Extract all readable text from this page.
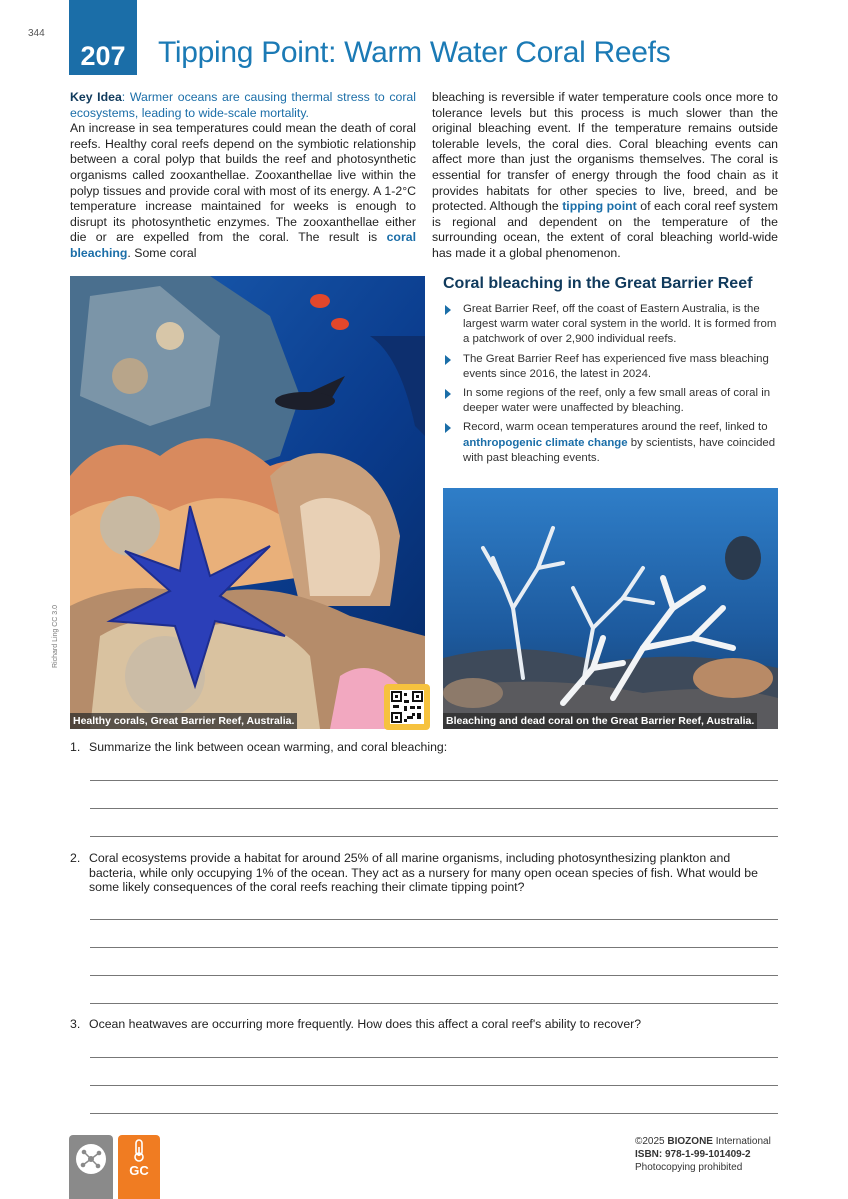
344
207 Tipping Point: Warm Water Coral Reefs

Key Idea: Warmer oceans are causing thermal stress to coral ecosystems, leading to wide-scale mortality.

An increase in sea temperatures could mean the death of coral reefs. Healthy coral reefs depend on the symbiotic relationship between a coral polyp that builds the reef and photosynthetic organisms called zooxanthellae. Zooxanthellae live within the polyp tissues and provide coral with most of its energy. A 1-2°C temperature increase maintained for weeks is enough to disrupt its photosynthetic enzymes. The zooxanthellae either die or are expelled from the coral. The result is coral bleaching. Some coral

bleaching is reversible if water temperature cools once more to tolerance levels but this process is much slower than the original bleaching event. If the temperature remains outside tolerable levels, the coral dies. Coral bleaching events can affect more than just the organisms themselves. The coral is essential for transfer of energy through the food chain as it provides habitats for other species to live, breed, and be protected. Although the tipping point of each coral reef system is regional and dependent on the temperature of the surrounding ocean, the extent of coral bleaching world-wide has made it a global phenomenon.

Healthy corals, Great Barrier Reef, Australia.
Richard Ling CC 3.0
Coral bleaching in the Great Barrier Reef
Great Barrier Reef, off the coast of Eastern Australia, is the largest warm water coral system in the world. It is formed from a patchwork of over 2,900 individual reefs.
The Great Barrier Reef has experienced five mass bleaching events since 2016, the latest in 2024.
In some regions of the reef, only a few small areas of coral in deeper water were unaffected by bleaching.
Record, warm ocean temperatures around the reef, linked to anthropogenic climate change by scientists, have coincided with past bleaching events.
Bleaching and dead coral on the Great Barrier Reef, Australia.
1. Summarize the link between ocean warming, and coral bleaching:
2. Coral ecosystems provide a habitat for around 25% of all marine organisms, including photosynthesizing plankton and bacteria, while only occupying 1% of the ocean. They act as a nursery for many open ocean species of fish. What would be some likely consequences of the coral reefs reaching their climate tipping point?
3. Ocean heatwaves are occurring more frequently. How does this affect a coral reef's ability to recover?
GC
©2025 BIOZONE International
ISBN: 978-1-99-101409-2
Photocopying prohibited
